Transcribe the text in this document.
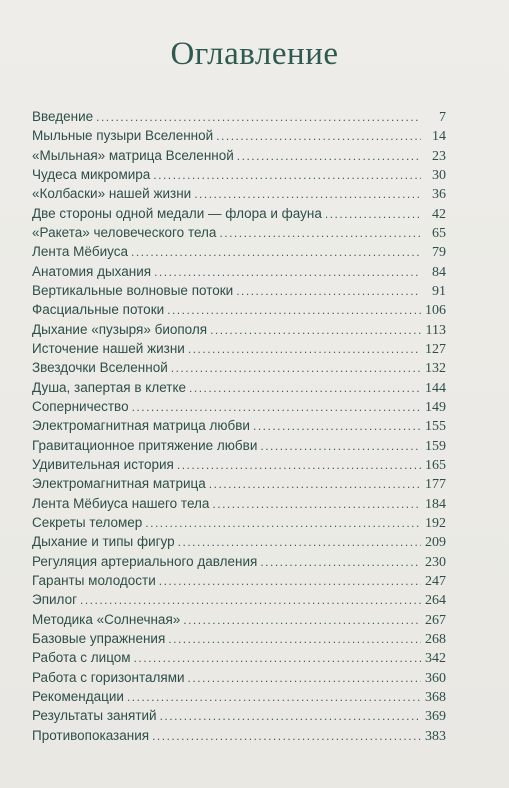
Оглавление
Введение .....	7
Мыльные пузыри Вселенной .....	14
«Мыльная» матрица Вселенной .....	23
Чудеса микромира .....	30
«Колбаски» нашей жизни .....	36
Две стороны одной медали — флора и фауна .....	42
«Ракета» человеческого тела .....	65
Лента Мёбиуса .....	79
Анатомия дыхания .....	84
Вертикальные волновые потоки .....	91
Фасциальные потоки .....	106
Дыхание «пузыря» биополя .....	113
Источение нашей жизни .....	127
Звездочки Вселенной .....	132
Душа, запертая в клетке .....	144
Соперничество .....	149
Электромагнитная матрица любви .....	155
Гравитационное притяжение любви .....	159
Удивительная история .....	165
Электромагнитная матрица .....	177
Лента Мёбиуса нашего тела .....	184
Секреты теломер .....	192
Дыхание и типы фигур .....	209
Регуляция артериального давления .....	230
Гаранты молодости .....	247
Эпилог .....	264
Методика «Солнечная» .....	267
Базовые упражнения .....	268
Работа с лицом .....	342
Работа с горизонталями .....	360
Рекомендации .....	368
Результаты занятий .....	369
Противопоказания .....	383
